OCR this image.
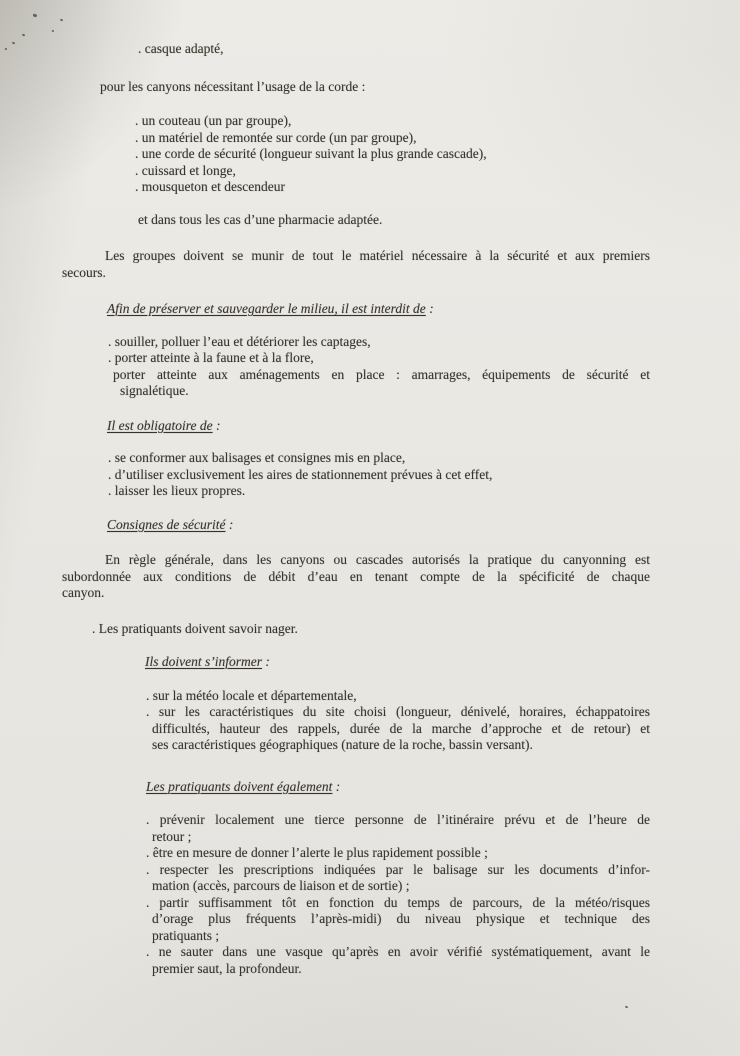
. casque adapté,
pour les canyons nécessitant l’usage de la corde :
. un couteau (un par groupe),
. un matériel de remontée sur corde (un par groupe),
. une corde de sécurité (longueur suivant la plus grande cascade),
. cuissard et longe,
. mousqueton et descendeur
et dans tous les cas d’une pharmacie adaptée.
Les groupes doivent se munir de tout le matériel nécessaire à la sécurité et aux premiers
secours.
Afin de préserver et sauvegarder le milieu, il est interdit de :
. souiller, polluer l’eau et détériorer les captages,
. porter atteinte à la faune et à la flore,
porter atteinte aux aménagements en place : amarrages, équipements de sécurité et
signalétique.
Il est obligatoire de :
. se conformer aux balisages et consignes mis en place,
. d’utiliser exclusivement les aires de stationnement prévues à cet effet,
. laisser les lieux propres.
Consignes de sécurité :
En règle générale, dans les canyons ou cascades autorisés la pratique du canyonning est
subordonnée aux conditions de débit d’eau en tenant compte de la spécificité de chaque
canyon.
. Les pratiquants doivent savoir nager.
Ils doivent s’informer :
. sur la météo locale et départementale,
. sur les caractéristiques du site choisi (longueur, dénivelé, horaires, échappatoires
difficultés, hauteur des rappels, durée de la marche d’approche et de retour) et
ses caractéristiques géographiques (nature de la roche, bassin versant).
Les pratiquants doivent également :
. prévenir localement une tierce personne de l’itinéraire prévu et de l’heure de
retour ;
. être en mesure de donner l’alerte le plus rapidement possible ;
. respecter les prescriptions indiquées par le balisage sur les documents d’infor-
mation (accès, parcours de liaison et de sortie) ;
. partir suffisamment tôt en fonction du temps de parcours, de la météo/risques
d’orage plus fréquents l’après-midi) du niveau physique et technique des
pratiquants ;
. ne sauter dans une vasque qu’après en avoir vérifié systématiquement, avant le
premier saut, la profondeur.
